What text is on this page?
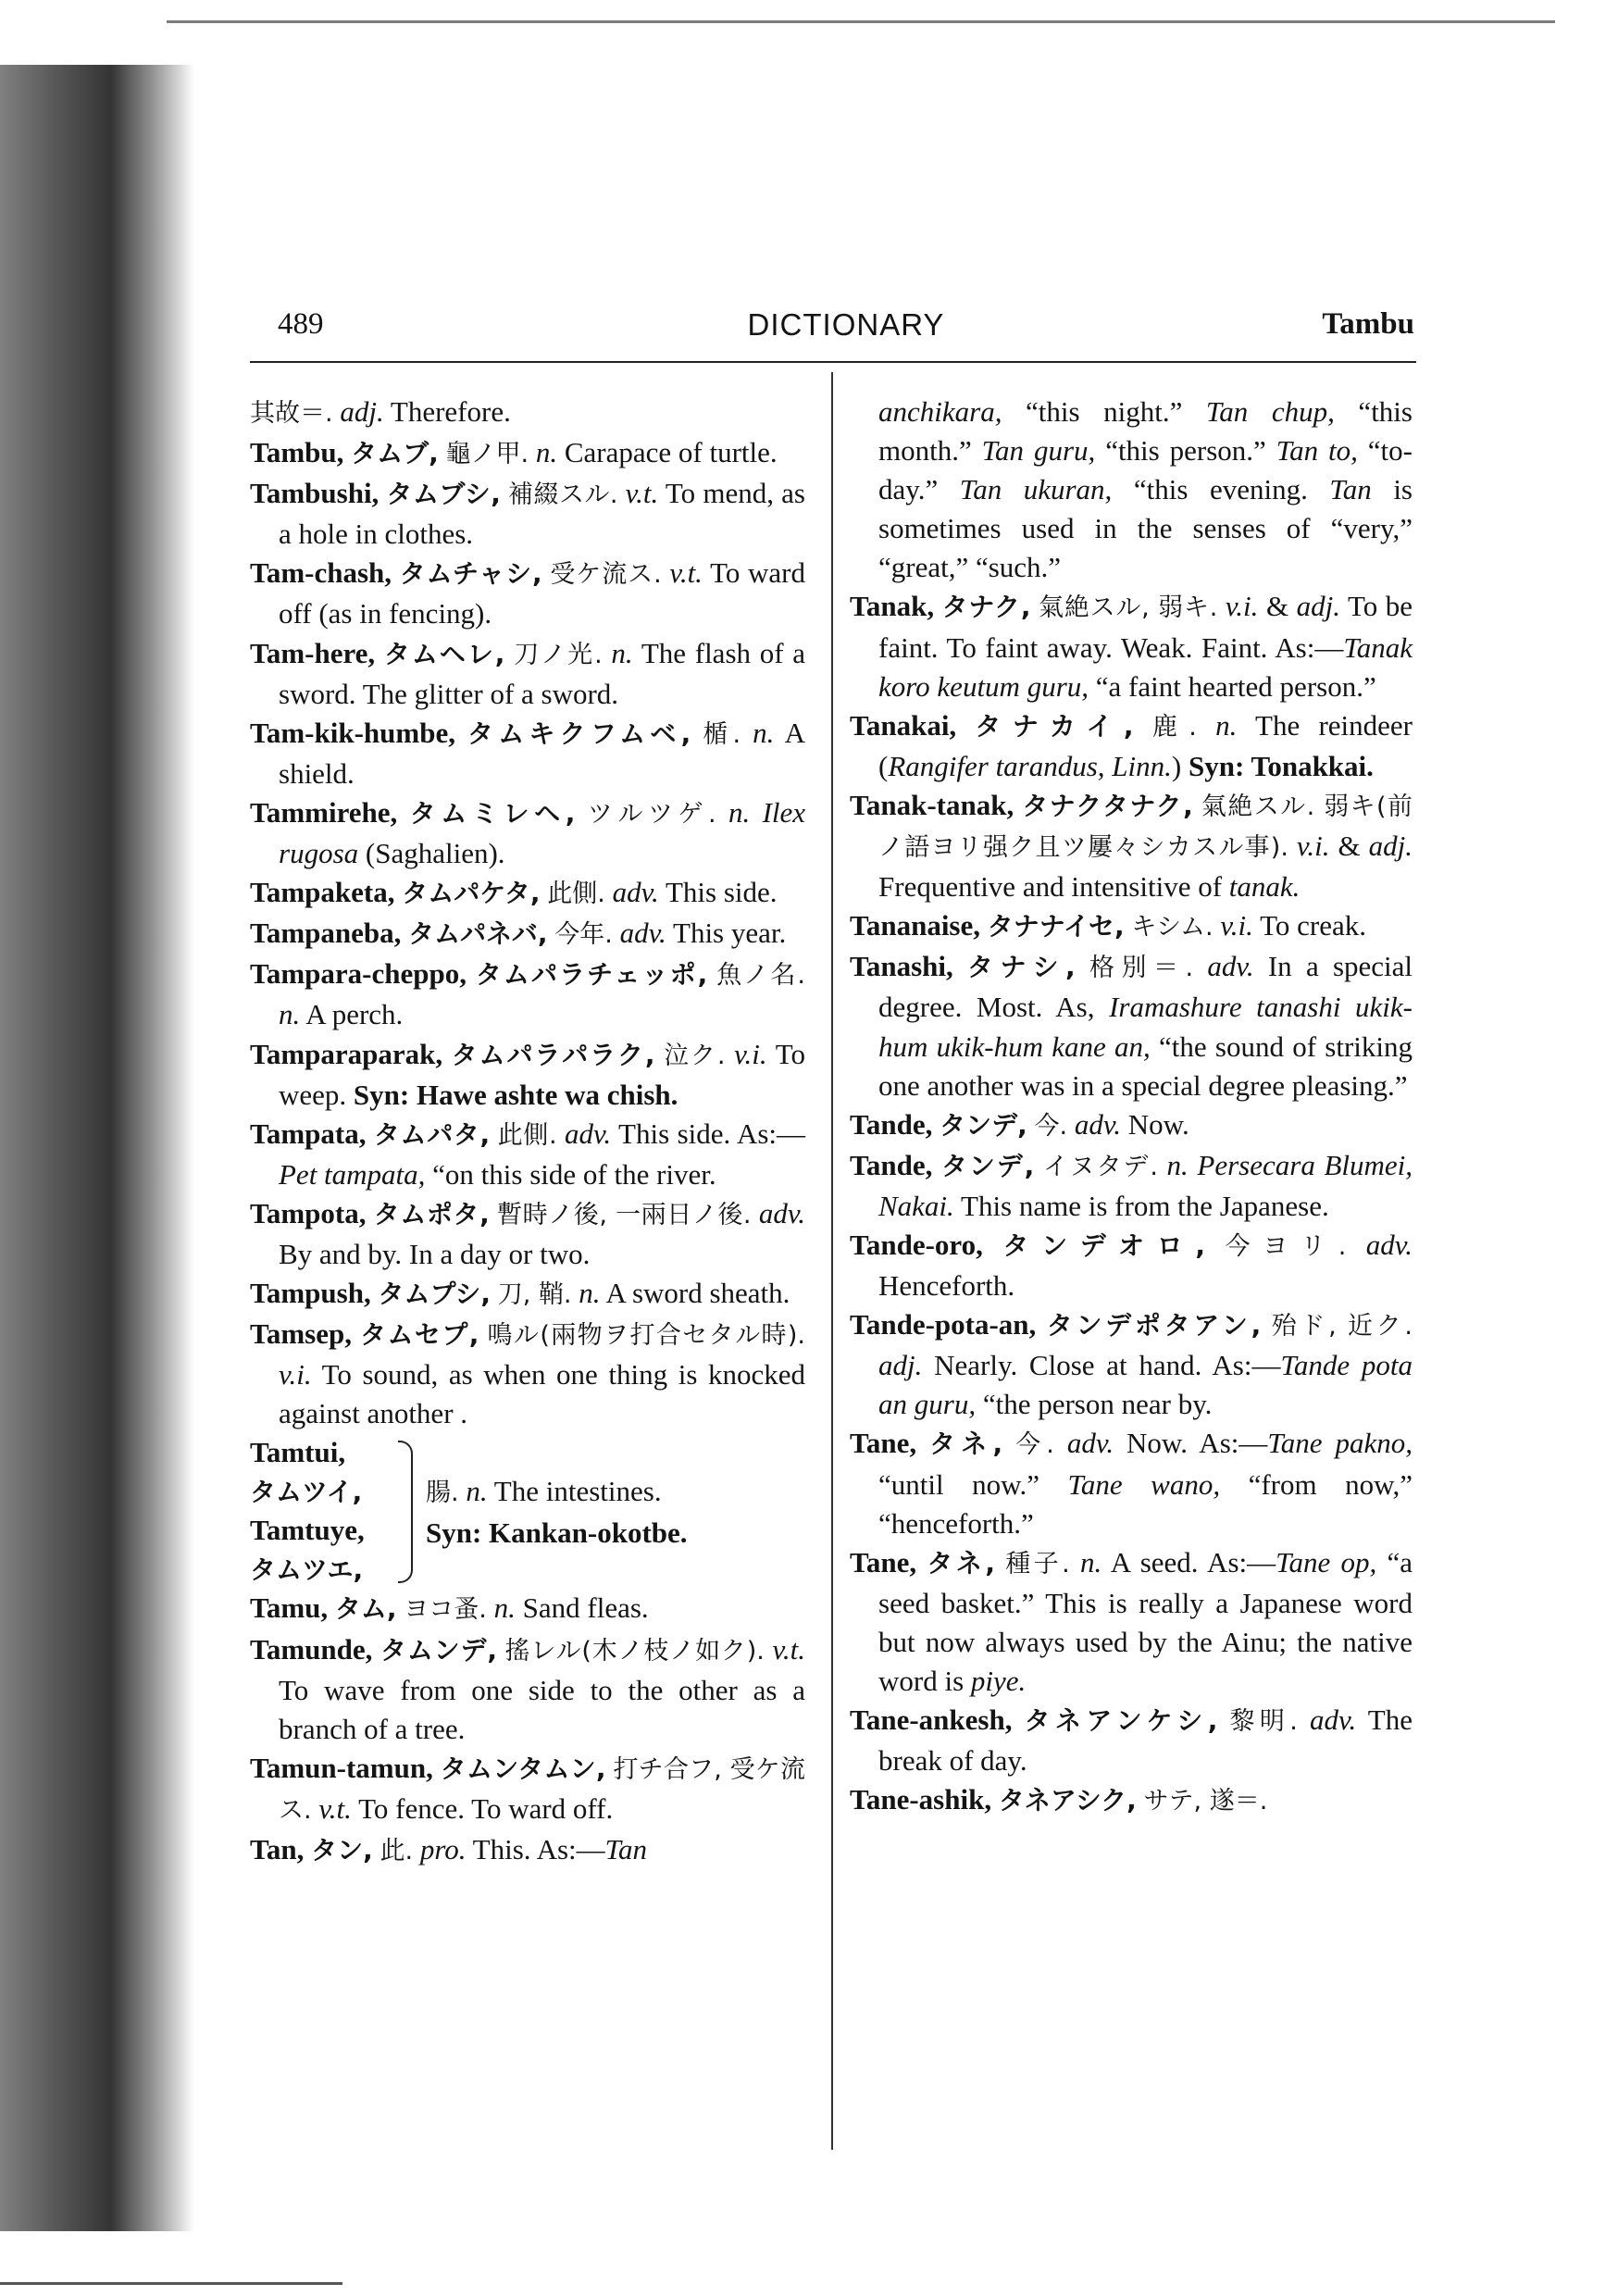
489	DICTIONARY	Tambu

其故＝. adj. Therefore.

Tambu, タムブ, 龜ノ甲. n. Carapace of turtle.

Tambushi, タムブシ, 補綴スル. v.t. To mend, as a hole in clothes.

Tam-chash, タムチャシ, 受ケ流ス. v.t. To ward off (as in fencing).

Tam-here, タムヘレ, 刀ノ光. n. The flash of a sword. The glitter of a sword.

Tam-kik-humbe, タムキクフムベ, 楯. n. A shield.

Tammirehe, タムミレヘ, ツルツゲ. n. Ilex rugosa (Saghalien).

Tampaketa, タムパケタ, 此側. adv. This side.

Tampaneba, タムパネバ, 今年. adv. This year.

Tampara-cheppo, タムパラチェッポ, 魚ノ名. n. A perch.

Tamparaparak, タムパラパラク, 泣ク. v.i. To weep. Syn: Hawe ashte wa chish.

Tampata, タムパタ, 此側. adv. This side. As:—Pet tampata, “on this side of the river.

Tampota, タムポタ, 暫時ノ後, 一兩日ノ後. adv. By and by. In a day or two.

Tampush, タムプシ, 刀, 鞘. n. A sword sheath.

Tamsep, タムセプ, 鳴ル(兩物ヲ打合セタル時). v.i. To sound, as when one thing is knocked against another .

Tamtui,
タムツイ,
Tamtuye,
タムツエ,
腸. n. The intestines.
Syn: Kankan-okotbe.

Tamu, タム, ヨコ蚤. n. Sand fleas.

Tamunde, タムンデ, 搖レル(木ノ枝ノ如ク). v.t. To wave from one side to the other as a branch of a tree.

Tamun-tamun, タムンタムン, 打チ合フ, 受ケ流ス. v.t. To fence. To ward off.

Tan, タン, 此. pro. This. As:—Tan

anchikara, “this night.” Tan chup, “this month.” Tan guru, “this person.” Tan to, “to-day.” Tan ukuran, “this evening. Tan is sometimes used in the senses of “very,” “great,” “such.”

Tanak, タナク, 氣絶スル, 弱キ. v.i. & adj. To be faint. To faint away. Weak. Faint. As:—Tanak koro keutum guru, “a faint hearted person.”

Tanakai, タナカイ, 鹿. n. The reindeer (Rangifer tarandus, Linn.) Syn: Tonakkai.

Tanak-tanak, タナクタナク, 氣絶スル. 弱キ(前ノ語ヨリ强ク且ツ屢々シカスル事). v.i. & adj. Frequentive and intensitive of tanak.

Tananaise, タナナイセ, キシム. v.i. To creak.

Tanashi, タナシ, 格別＝. adv. In a special degree. Most. As, Iramashure tanashi ukik-hum ukik-hum kane an, “the sound of striking one another was in a special degree pleasing.”

Tande, タンデ, 今. adv. Now.

Tande, タンデ, イヌタデ. n. Persecara Blumei, Nakai. This name is from the Japanese.

Tande-oro, タンデオロ, 今ヨリ. adv. Henceforth.

Tande-pota-an, タンデポタアン, 殆ド, 近ク. adj. Nearly. Close at hand. As:—Tande pota an guru, “the person near by.

Tane, タネ, 今. adv. Now. As:—Tane pakno, “until now.” Tane wano, “from now,” “henceforth.”

Tane, タネ, 種子. n. A seed. As:—Tane op, “a seed basket.” This is really a Japanese word but now always used by the Ainu; the native word is piye.

Tane-ankesh, タネアンケシ, 黎明. adv. The break of day.

Tane-ashik, タネアシク, サテ, 遂＝.
